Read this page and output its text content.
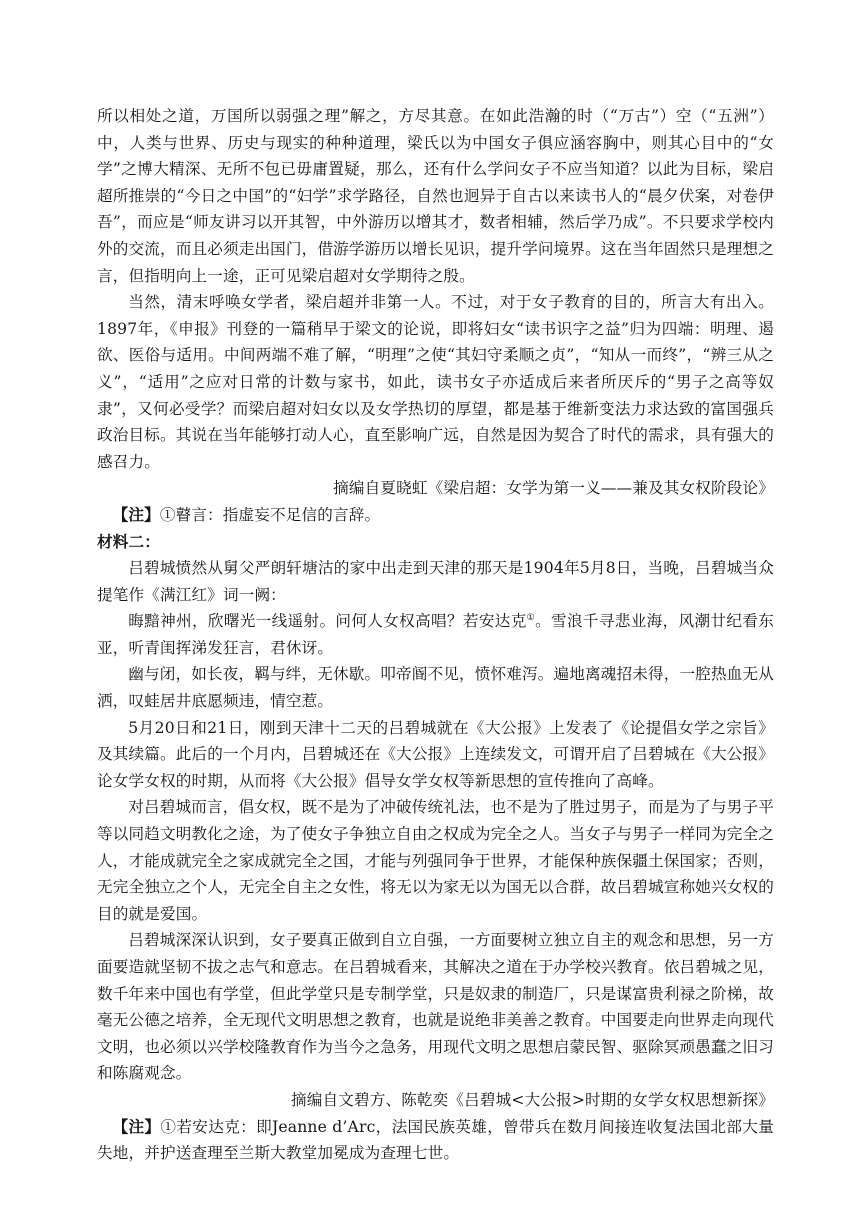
所以相处之道，万国所以弱强之理”解之，方尽其意。在如此浩瀚的时（“万古”）空（“五洲”）中，人类与世界、历史与现实的种种道理，梁氏以为中国女子俱应涵容胸中，则其心目中的“女学”之博大精深、无所不包已毋庸置疑，那么，还有什么学问女子不应当知道？以此为目标，梁启超所推崇的“今日之中国”的“妇学”求学路径，自然也迥异于自古以来读书人的“晨夕伏案，对卷伊吾”，而应是“师友讲习以开其智，中外游历以增其才，数者相辅，然后学乃成”。不只要求学校内外的交流，而且必须走出国门，借游学游历以增长见识，提升学问境界。这在当年固然只是理想之言，但指明向上一途，正可见梁启超对女学期待之殷。

当然，清末呼唤女学者，梁启超并非第一人。不过，对于女子教育的目的，所言大有出入。1897年，《申报》刊登的一篇稍早于梁文的论说，即将妇女“读书识字之益”归为四端：明理、遏欲、医俗与适用。中间两端不难了解，“明理”之使“其妇守柔顺之贞”，“知从一而终”，“辨三从之义”，“适用”之应对日常的计数与家书，如此，读书女子亦适成后来者所厌斥的“男子之高等奴隶”，又何必受学？而梁启超对妇女以及女学热切的厚望，都是基于维新变法力求达致的富国强兵政治目标。其说在当年能够打动人心，直至影响广远，自然是因为契合了时代的需求，具有强大的感召力。

摘编自夏晓虹《梁启超：女学为第一义——兼及其女权阶段论》

【注】①瞽言：指虚妄不足信的言辞。

材料二：

吕碧城愤然从舅父严朗轩塘沽的家中出走到天津的那天是1904年5月8日，当晚，吕碧城当众提笔作《满江红》词一阙：

晦黯神州，欣曙光一线遥射。问何人女权高唱？若安达克①。雪浪千寻悲业海，风潮廿纪看东亚，听青闺挥涕发狂言，君休讶。

幽与闭，如长夜，羁与绊，无休歇。叩帝阍不见，愤怀难泻。遍地离魂招未得，一腔热血无从洒，叹蛙居井底愿频违，情空惹。

5月20日和21日，刚到天津十二天的吕碧城就在《大公报》上发表了《论提倡女学之宗旨》及其续篇。此后的一个月内，吕碧城还在《大公报》上连续发文，可谓开启了吕碧城在《大公报》论女学女权的时期，从而将《大公报》倡导女学女权等新思想的宣传推向了高峰。

对吕碧城而言，倡女权，既不是为了冲破传统礼法，也不是为了胜过男子，而是为了与男子平等以同趋文明教化之途，为了使女子争独立自由之权成为完全之人。当女子与男子一样同为完全之人，才能成就完全之家成就完全之国，才能与列强同争于世界，才能保种族保疆土保国家；否则，无完全独立之个人，无完全自主之女性，将无以为家无以为国无以合群，故吕碧城宣称她兴女权的目的就是爱国。

吕碧城深深认识到，女子要真正做到自立自强，一方面要树立独立自主的观念和思想，另一方面要造就坚韧不拔之志气和意志。在吕碧城看来，其解决之道在于办学校兴教育。依吕碧城之见，数千年来中国也有学堂，但此学堂只是专制学堂，只是奴隶的制造厂，只是谋富贵利禄之阶梯，故毫无公德之培养，全无现代文明思想之教育，也就是说绝非美善之教育。中国要走向世界走向现代文明，也必须以兴学校隆教育作为当今之急务，用现代文明之思想启蒙民智、驱除冥顽愚蠢之旧习和陈腐观念。

摘编自文碧方、陈乾奕《吕碧城<大公报>时期的女学女权思想新探》

【注】①若安达克：即Jeanne d’Arc，法国民族英雄，曾带兵在数月间接连收复法国北部大量失地，并护送查理至兰斯大教堂加冕成为查理七世。
